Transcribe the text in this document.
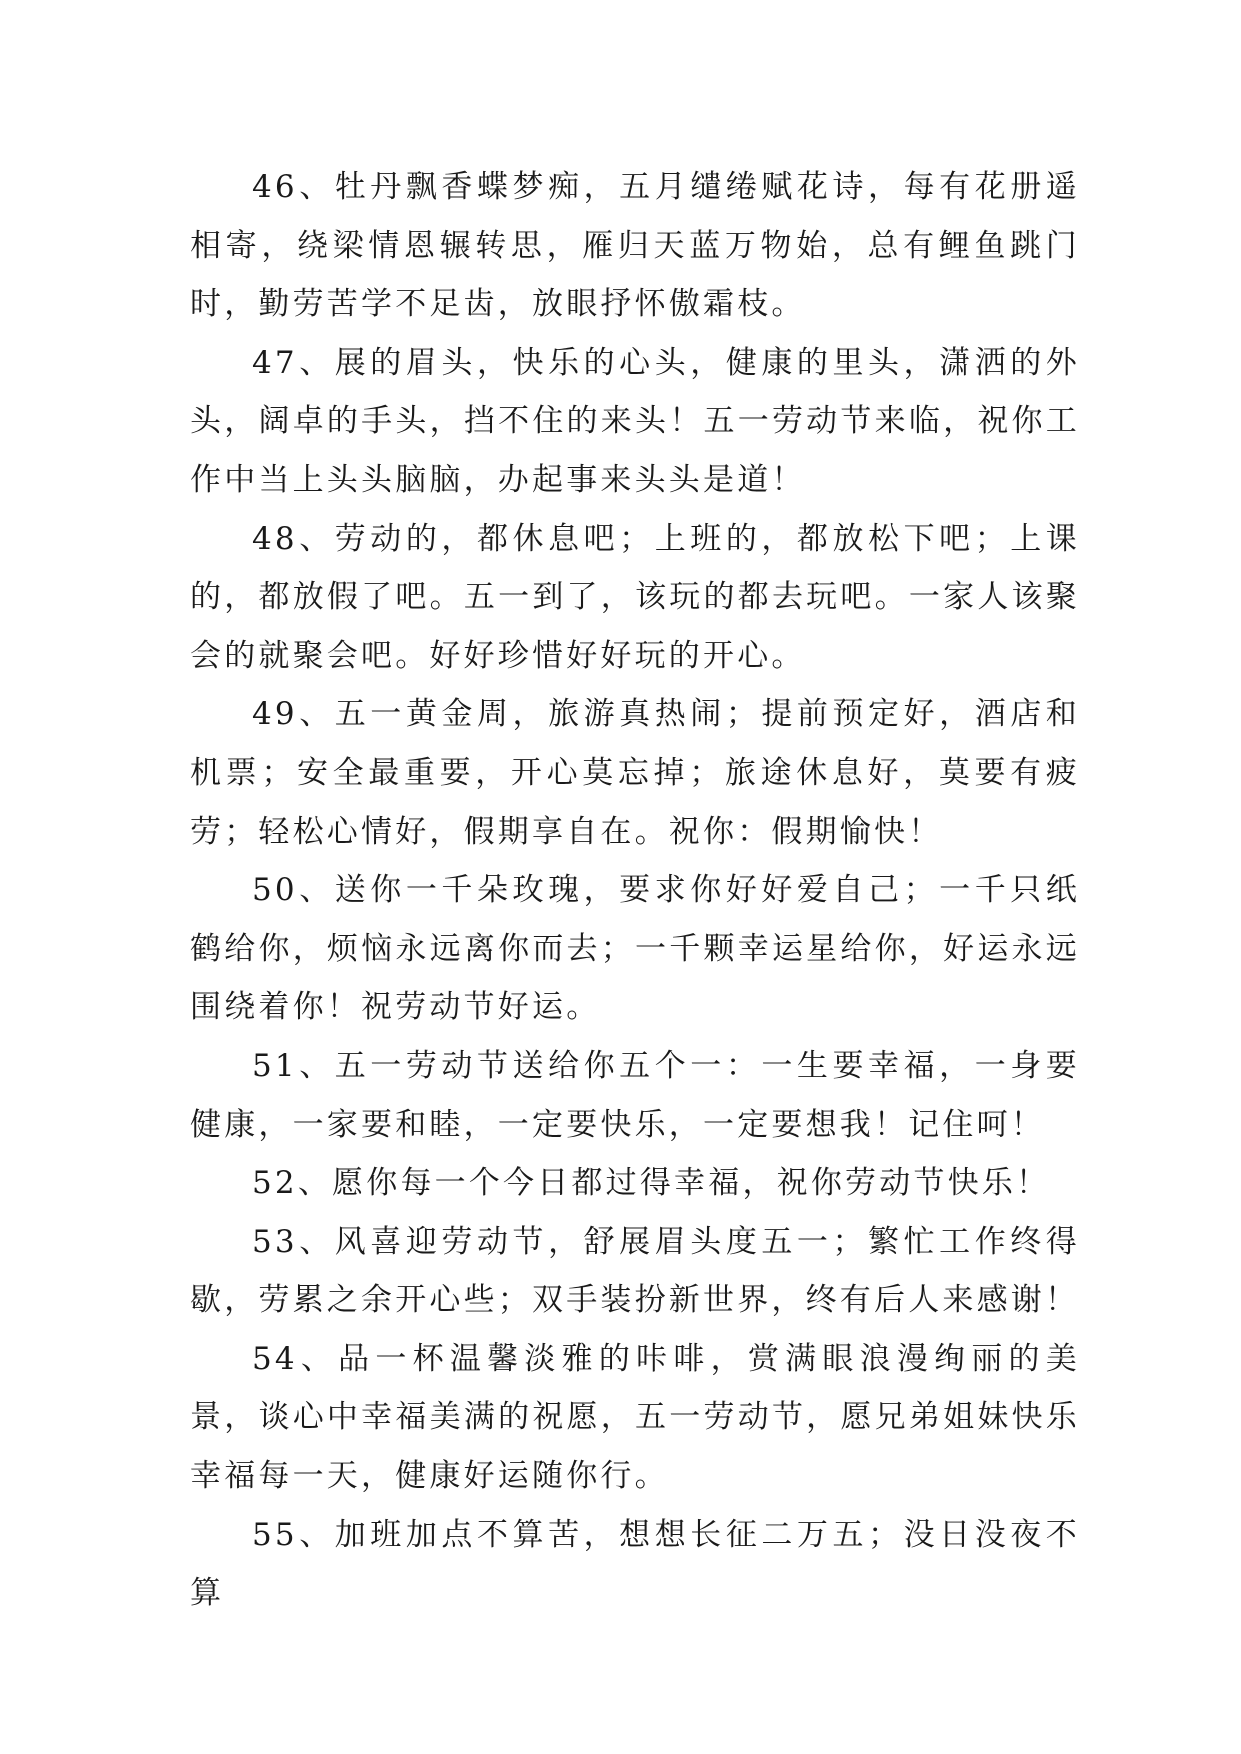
46、牡丹飘香蝶梦痴，五月缱绻赋花诗，每有花册遥相寄，绕梁情恩辗转思，雁归天蓝万物始，总有鲤鱼跳门时，勤劳苦学不足齿，放眼抒怀傲霜枝。

47、展的眉头，快乐的心头，健康的里头，潇洒的外头，阔卓的手头，挡不住的来头！五一劳动节来临，祝你工作中当上头头脑脑，办起事来头头是道！

48、劳动的，都休息吧；上班的，都放松下吧；上课的，都放假了吧。五一到了，该玩的都去玩吧。一家人该聚会的就聚会吧。好好珍惜好好玩的开心。

49、五一黄金周，旅游真热闹；提前预定好，酒店和机票；安全最重要，开心莫忘掉；旅途休息好，莫要有疲劳；轻松心情好，假期享自在。祝你：假期愉快！

50、送你一千朵玫瑰，要求你好好爱自己；一千只纸鹤给你，烦恼永远离你而去；一千颗幸运星给你，好运永远围绕着你！祝劳动节好运。

51、五一劳动节送给你五个一：一生要幸福，一身要健康，一家要和睦，一定要快乐，一定要想我！记住呵！

52、愿你每一个今日都过得幸福，祝你劳动节快乐！

53、风喜迎劳动节，舒展眉头度五一；繁忙工作终得歇，劳累之余开心些；双手装扮新世界，终有后人来感谢！

54、品一杯温馨淡雅的咔啡，赏满眼浪漫绚丽的美景，谈心中幸福美满的祝愿，五一劳动节，愿兄弟姐妹快乐幸福每一天，健康好运随你行。

55、加班加点不算苦，想想长征二万五；没日没夜不算
